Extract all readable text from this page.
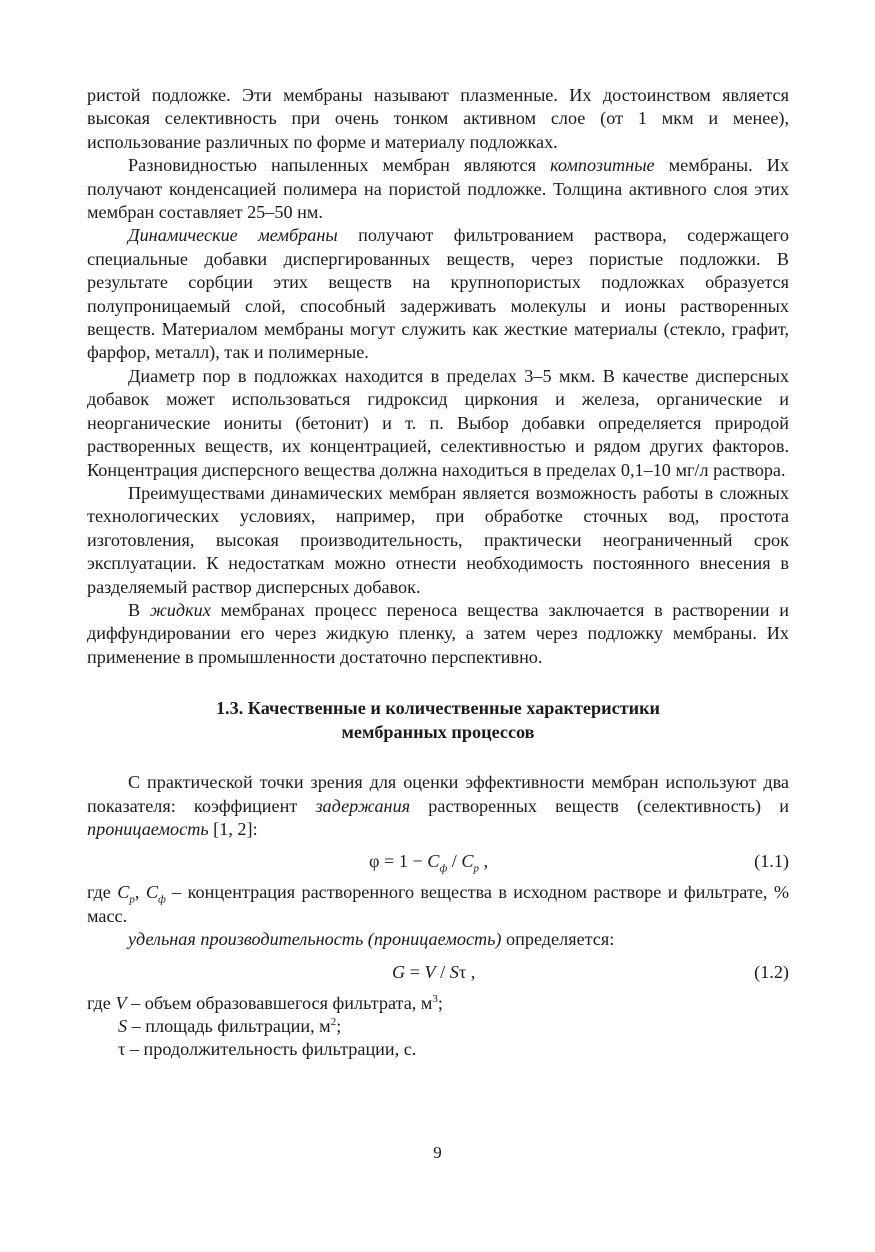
ристой подложке. Эти мембраны называют плазменные. Их достоинством является высокая селективность при очень тонком активном слое (от 1 мкм и менее), использование различных по форме и материалу подложках.

Разновидностью напыленных мембран являются композитные мембраны. Их получают конденсацией полимера на пористой подложке. Толщина активного слоя этих мембран составляет 25–50 нм.

Динамические мембраны получают фильтрованием раствора, содержащего специальные добавки диспергированных веществ, через пористые подложки. В результате сорбции этих веществ на крупнопористых подложках образуется полупроницаемый слой, способный задерживать молекулы и ионы растворенных веществ. Материалом мембраны могут служить как жесткие материалы (стекло, графит, фарфор, металл), так и полимерные.

Диаметр пор в подложках находится в пределах 3–5 мкм. В качестве дисперсных добавок может использоваться гидроксид циркония и железа, органические и неорганические иониты (бетонит) и т. п. Выбор добавки определяется природой растворенных веществ, их концентрацией, селективностью и рядом других факторов. Концентрация дисперсного вещества должна находиться в пределах 0,1–10 мг/л раствора.

Преимуществами динамических мембран является возможность работы в сложных технологических условиях, например, при обработке сточных вод, простота изготовления, высокая производительность, практически неограниченный срок эксплуатации. К недостаткам можно отнести необходимость постоянного внесения в разделяемый раствор дисперсных добавок.

В жидких мембранах процесс переноса вещества заключается в растворении и диффундировании его через жидкую пленку, а затем через подложку мембраны. Их применение в промышленности достаточно перспективно.

1.3. Качественные и количественные характеристики
мембранных процессов

С практической точки зрения для оценки эффективности мембран используют два показателя: коэффициент задержания растворенных веществ (селективность) и проницаемость [1, 2]:

$\varphi = 1 - C_ф / C_р$ ,	(1.1)

где $C_р$, $C_ф$ – концентрация растворенного вещества в исходном растворе и фильтрате, % масс.

удельная производительность (проницаемость) определяется:

G = V / Sτ ,	(1.2)

где V – объем образовавшегося фильтрата, $м^3$;

S – площадь фильтрации, $м^2$;

τ – продолжительность фильтрации, с.

9
